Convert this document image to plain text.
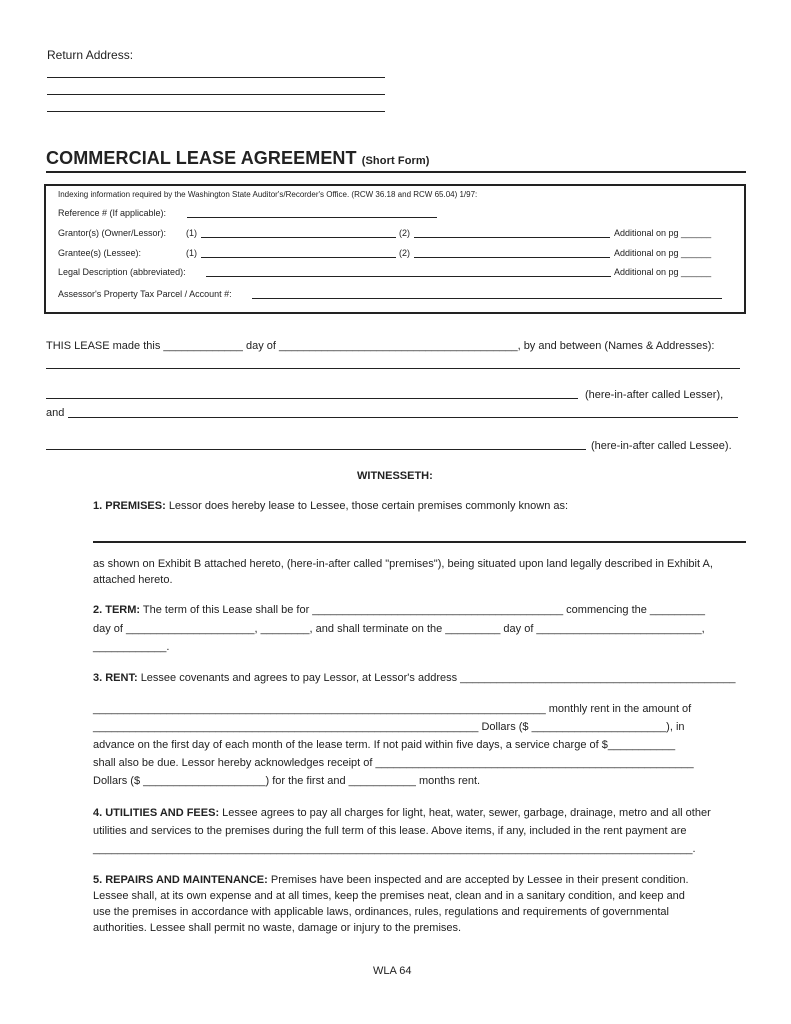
Return Address:
COMMERCIAL LEASE AGREEMENT (Short Form)
Indexing information required by the Washington State Auditor's/Recorder's Office. (RCW 36.18 and RCW 65.04) 1/97:
Reference # (If applicable):
Grantor(s) (Owner/Lessor): (1)	(2)	Additional on pg ______
Grantee(s) (Lessee):	(1)	(2)	Additional on pg ______
Legal Description (abbreviated):	Additional on pg ______
Assessor's Property Tax Parcel / Account #:
THIS LEASE made this _____________ day of _______________________________________, by and between (Names & Addresses):
(here-in-after called Lesser),
and
(here-in-after called Lessee).
WITNESSETH:
1. PREMISES: Lessor does hereby lease to Lessee, those certain premises commonly known as:
as shown on Exhibit B attached hereto, (here-in-after called "premises"), being situated upon land legally described in Exhibit A, attached hereto.
2. TERM: The term of this Lease shall be for _________________________________________ commencing the _________
day of _____________________, ________, and shall terminate on the _________ day of ___________________________,
____________.
3. RENT: Lessee covenants and agrees to pay Lessor, at Lessor's address _____________________________________________
__________________________________________________________________________ monthly rent in the amount of
_______________________________________________________________ Dollars ($ ______________________), in
advance on the first day of each month of the lease term. If not paid within five days, a service charge of $___________
shall also be due. Lessor hereby acknowledges receipt of ____________________________________________________
Dollars ($ ____________________) for the first and ___________ months rent.
4. UTILITIES AND FEES: Lessee agrees to pay all charges for light, heat, water, sewer, garbage, drainage, metro and all other
utilities and services to the premises during the full term of this lease. Above items, if any, included in the rent payment are
__________________________________________________________________________________________________.
5. REPAIRS AND MAINTENANCE: Premises have been inspected and are accepted by Lessee in their present condition.
Lessee shall, at its own expense and at all times, keep the premises neat, clean and in a sanitary condition, and keep and
use the premises in accordance with applicable laws, ordinances, rules, regulations and requirements of governmental
authorities. Lessee shall permit no waste, damage or injury to the premises.
WLA 64
